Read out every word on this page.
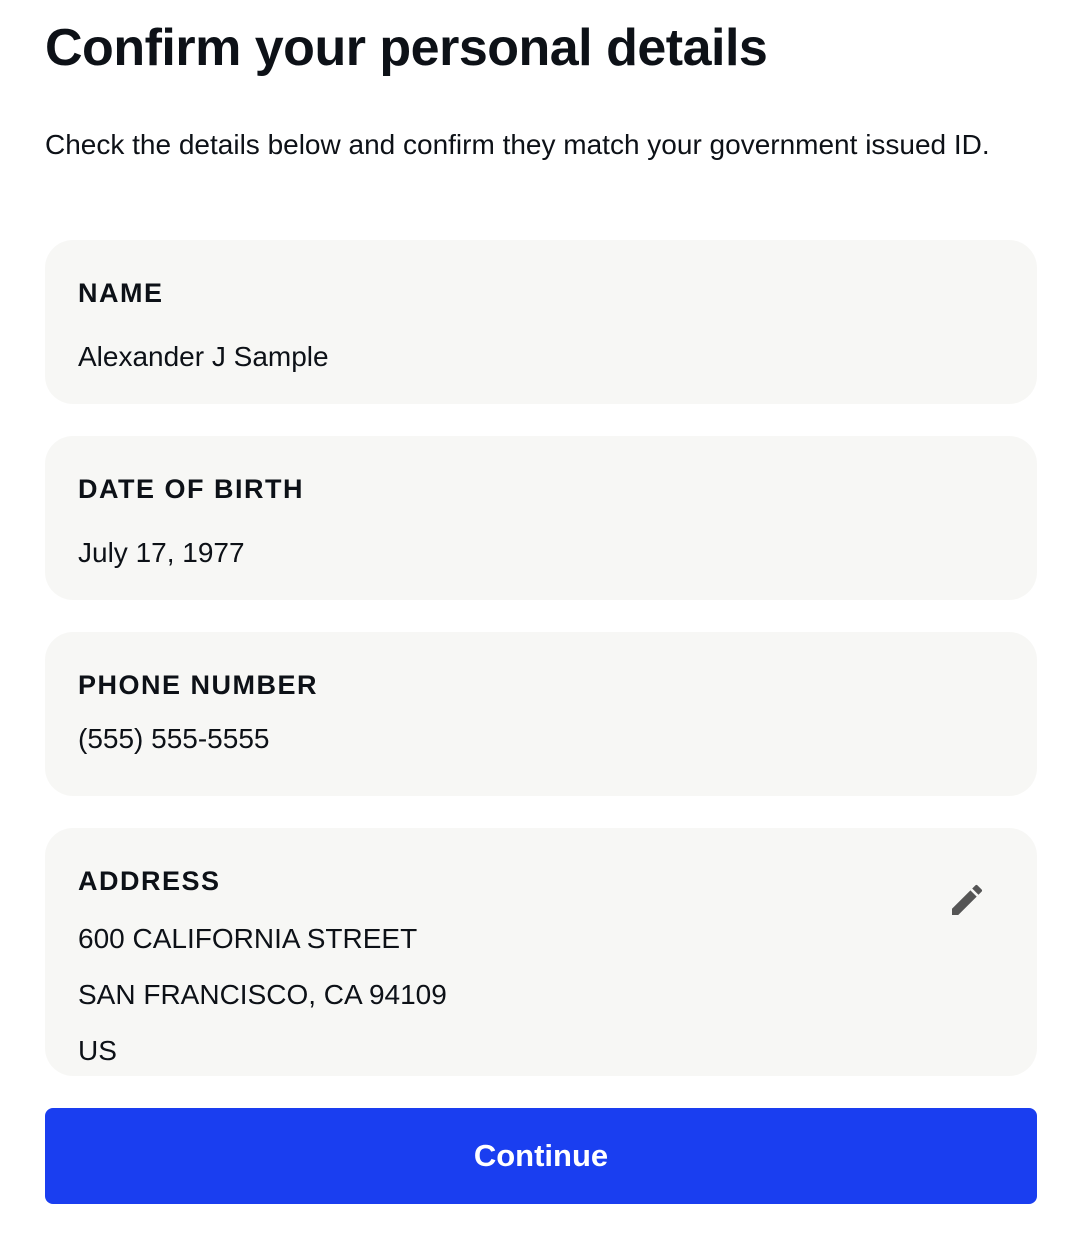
Confirm your personal details

Check the details below and confirm they match your government issued ID.

NAME
Alexander J Sample
DATE OF BIRTH
July 17, 1977
PHONE NUMBER
(555) 555-5555
ADDRESS
600 CALIFORNIA STREET
SAN FRANCISCO, CA 94109
US
Continue
